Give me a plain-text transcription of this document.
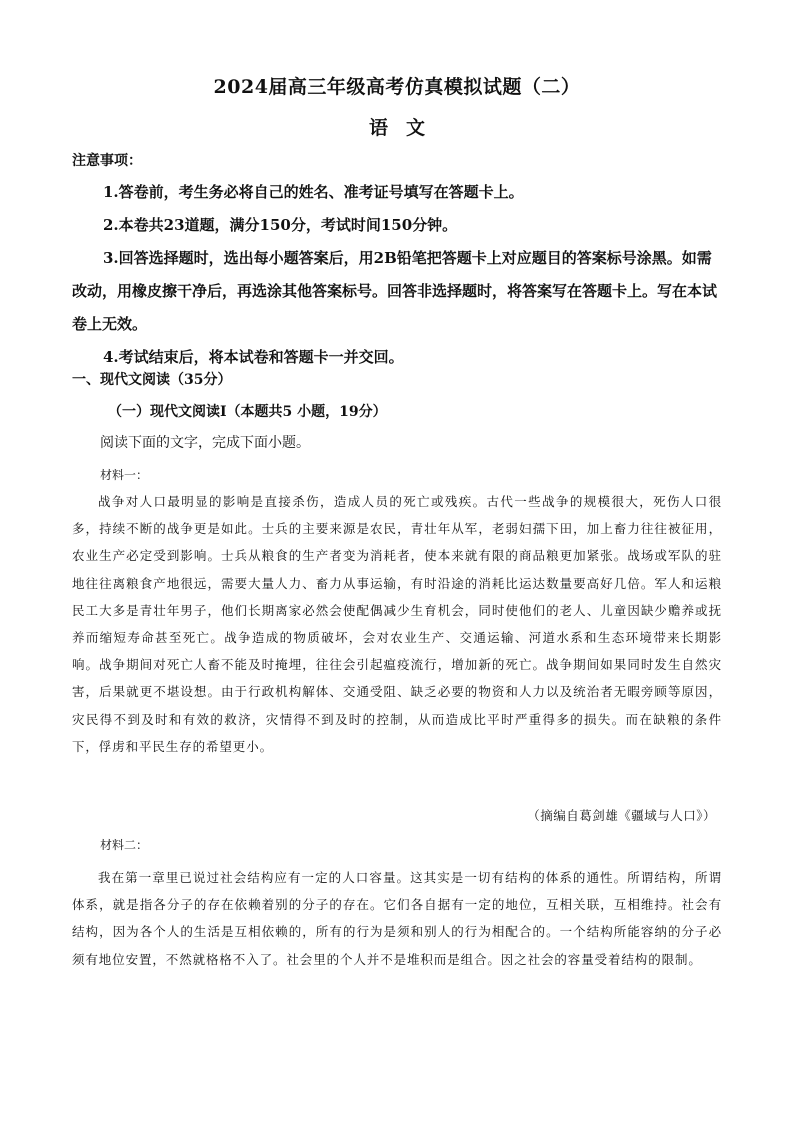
2024届高三年级高考仿真模拟试题（二）
语文
注意事项：

1.答卷前，考生务必将自己的姓名、准考证号填写在答题卡上。

2.本卷共23道题，满分150分，考试时间150分钟。

3.回答选择题时，选出每小题答案后，用2B铅笔把答题卡上对应题目的答案标号涂黑。如需改动，用橡皮擦干净后，再选涂其他答案标号。回答非选择题时，将答案写在答题卡上。写在本试卷上无效。

4.考试结束后，将本试卷和答题卡一并交回。

一、现代文阅读（35分）
（一）现代文阅读Ⅰ（本题共5 小题，19分）
阅读下面的文字，完成下面小题。
材料一：

战争对人口最明显的影响是直接杀伤，造成人员的死亡或残疾。古代一些战争的规模很大，死伤人口很多，持续不断的战争更是如此。士兵的主要来源是农民，青壮年从军，老弱妇孺下田，加上畜力往往被征用，农业生产必定受到影响。士兵从粮食的生产者变为消耗者，使本来就有限的商品粮更加紧张。战场或军队的驻地往往离粮食产地很远，需要大量人力、畜力从事运输，有时沿途的消耗比运达数量要高好几倍。军人和运粮民工大多是青壮年男子，他们长期离家必然会使配偶减少生育机会，同时使他们的老人、儿童因缺少赡养或抚养而缩短寿命甚至死亡。战争造成的物质破坏，会对农业生产、交通运输、河道水系和生态环境带来长期影响。战争期间对死亡人畜不能及时掩埋，往往会引起瘟疫流行，增加新的死亡。战争期间如果同时发生自然灾害，后果就更不堪设想。由于行政机构解体、交通受阻、缺乏必要的物资和人力以及统治者无暇旁顾等原因，灾民得不到及时和有效的救济，灾情得不到及时的控制，从而造成比平时严重得多的损失。而在缺粮的条件下，俘虏和平民生存的希望更小。

（摘编自葛剑雄《疆域与人口》）
材料二：

我在第一章里已说过社会结构应有一定的人口容量。这其实是一切有结构的体系的通性。所谓结构，所谓体系，就是指各分子的存在依赖着别的分子的存在。它们各自据有一定的地位，互相关联，互相维持。社会有结构，因为各个人的生活是互相依赖的，所有的行为是须和别人的行为相配合的。一个结构所能容纳的分子必须有地位安置，不然就格格不入了。社会里的个人并不是堆积而是组合。因之社会的容量受着结构的限制。
